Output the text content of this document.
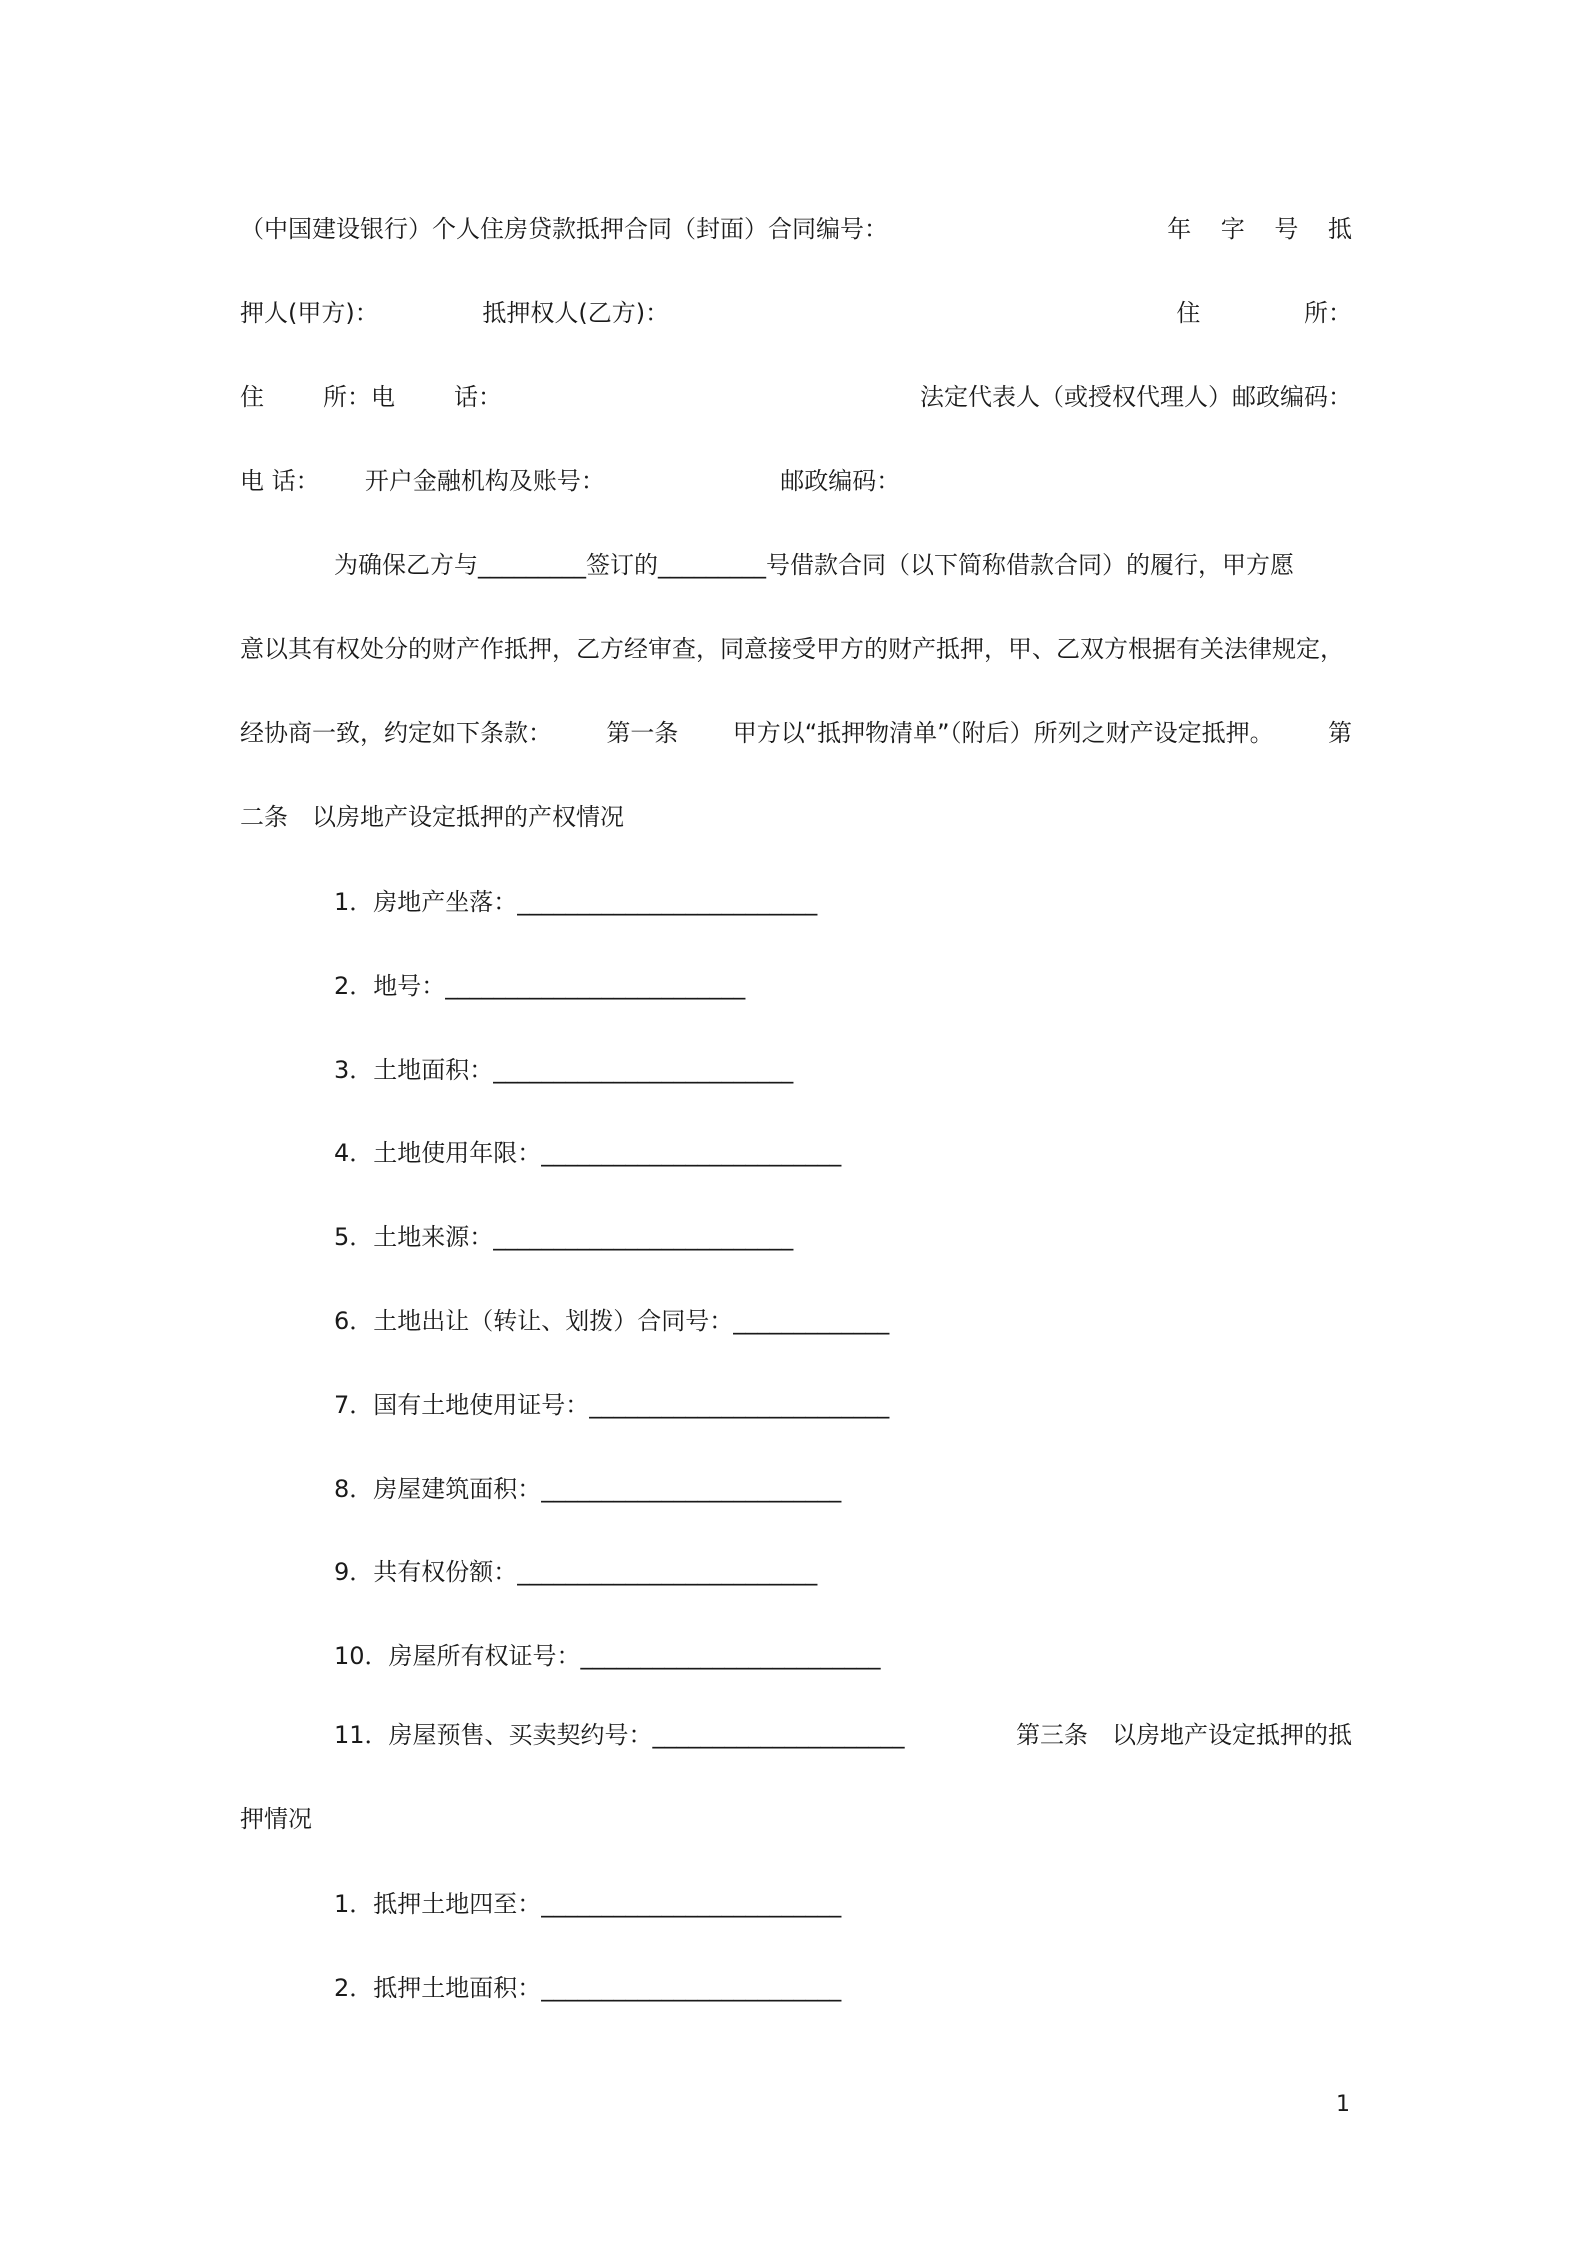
（中国建设银行）个人住房贷款抵押合同（封面）合同编号：	年 字 号 抵
押人(甲方)：	抵押权人(乙方)：	住	所：
住 所：电 话：	法定代表人（或授权代理人）邮政编码：
电 话： 开户金融机构及账号：	邮政编码：
为确保乙方与_________签订的_________号借款合同（以下简称借款合同）的履行，甲方愿
意以其有权处分的财产作抵押，乙方经审查，同意接受甲方的财产抵押，甲、乙双方根据有关法律规定，
经协商一致，约定如下条款： 第一条 甲方以“抵押物清单”（附后）所列之财产设定抵押。 第
二条　以房地产设定抵押的产权情况
1．房地产坐落：_________________________
2．地号：_________________________
3．土地面积：_________________________
4．土地使用年限：_________________________
5．土地来源：_________________________
6．土地出让（转让、划拨）合同号：_____________
7．国有土地使用证号：_________________________
8．房屋建筑面积：_________________________
9．共有权份额：_________________________
10．房屋所有权证号：_________________________
11．房屋预售、买卖契约号：_____________________	第三条　以房地产设定抵押的抵
押情况
1．抵押土地四至：_________________________
2．抵押土地面积：_________________________
1
